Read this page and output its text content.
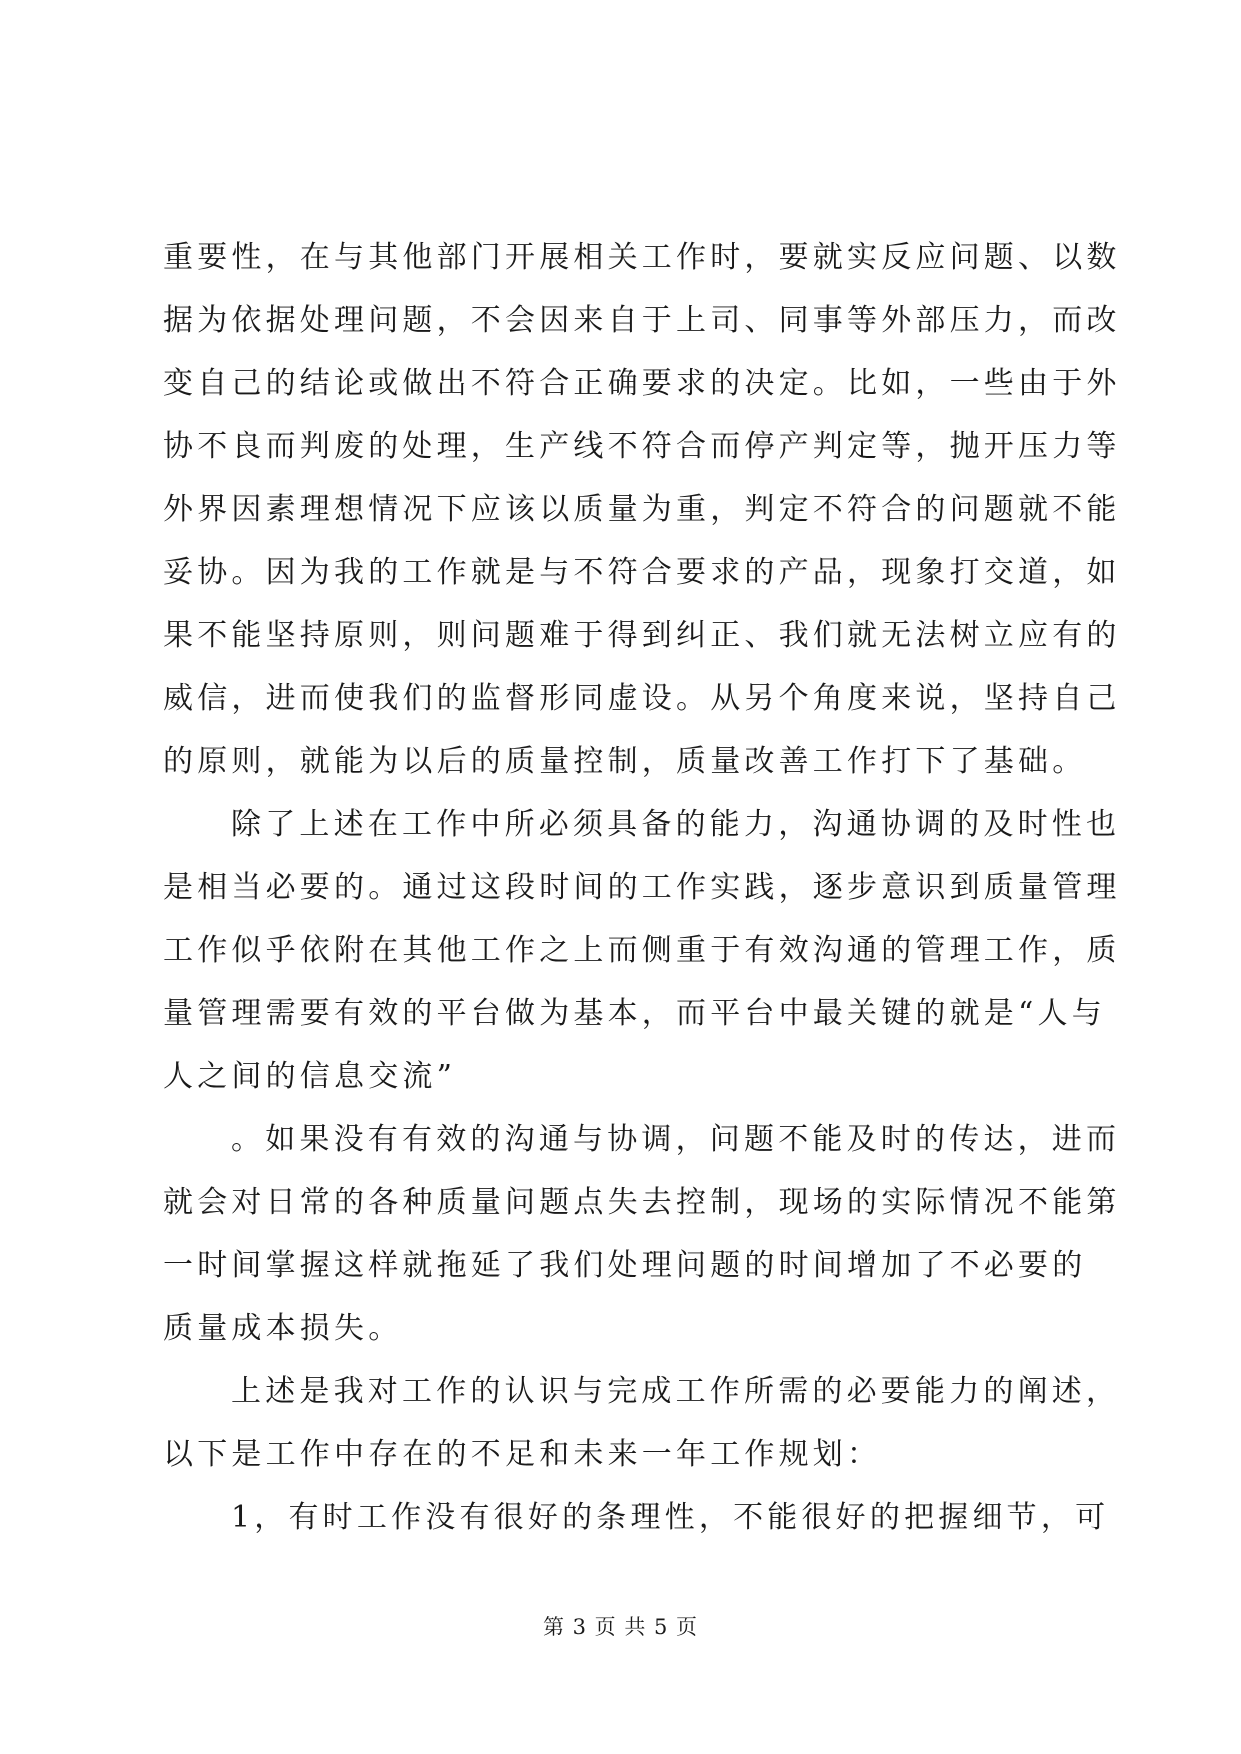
重要性，在与其他部门开展相关工作时，要就实反应问题、以数
据为依据处理问题，不会因来自于上司、同事等外部压力，而改
变自己的结论或做出不符合正确要求的决定。比如，一些由于外
协不良而判废的处理，生产线不符合而停产判定等，抛开压力等
外界因素理想情况下应该以质量为重，判定不符合的问题就不能
妥协。因为我的工作就是与不符合要求的产品，现象打交道，如
果不能坚持原则，则问题难于得到纠正、我们就无法树立应有的
威信，进而使我们的监督形同虚设。从另个角度来说，坚持自己
的原则，就能为以后的质量控制，质量改善工作打下了基础。
除了上述在工作中所必须具备的能力，沟通协调的及时性也
是相当必要的。通过这段时间的工作实践，逐步意识到质量管理
工作似乎依附在其他工作之上而侧重于有效沟通的管理工作，质
量管理需要有效的平台做为基本，而平台中最关键的就是“人与
人之间的信息交流”
。如果没有有效的沟通与协调，问题不能及时的传达，进而
就会对日常的各种质量问题点失去控制，现场的实际情况不能第
一时间掌握这样就拖延了我们处理问题的时间增加了不必要的
质量成本损失。
上述是我对工作的认识与完成工作所需的必要能力的阐述，
以下是工作中存在的不足和未来一年工作规划：
1，有时工作没有很好的条理性，不能很好的把握细节，可
第 3 页 共 5 页
